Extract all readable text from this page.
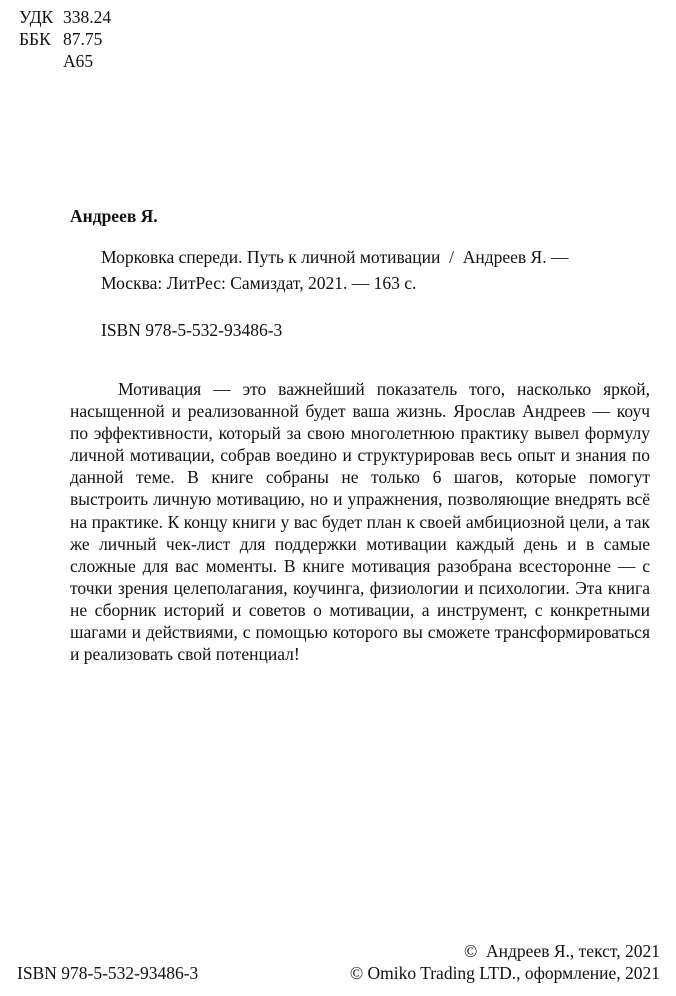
УДК 338.24
ББК 87.75
А65
Андреев Я.
Морковка спереди. Путь к личной мотивации  /  Андреев Я. —
Москва: ЛитРес: Самиздат, 2021. — 163 с.
ISBN 978-5-532-93486-3

Мотивация — это важнейший показатель того, насколько яркой, насыщенной и реализованной будет ваша жизнь. Ярослав Андреев — коуч по эффективности, который за свою многолетнюю практику вывел формулу личной мотивации, собрав воедино и структурировав весь опыт и знания по данной теме. В книге собраны не только 6 шагов, которые помогут выстроить личную мотивацию, но и упражнения, позволяющие внедрять всё на практике. К концу книги у вас будет план к своей амбициозной цели, а так же личный чек-лист для поддержки мотивации каждый день и в самые сложные для вас моменты. В книге мотивация разобрана всесторонне — с точки зрения целеполагания, коучинга, физиологии и психологии. Эта книга не сборник историй и советов о мотивации, а инструмент, с конкретными шагами и действиями, с помощью которого вы сможете трансформироваться и реализовать свой потенциал!

ISBN 978-5-532-93486-3
©  Андреев Я., текст, 2021
© Omiko Trading LTD., оформление, 2021
